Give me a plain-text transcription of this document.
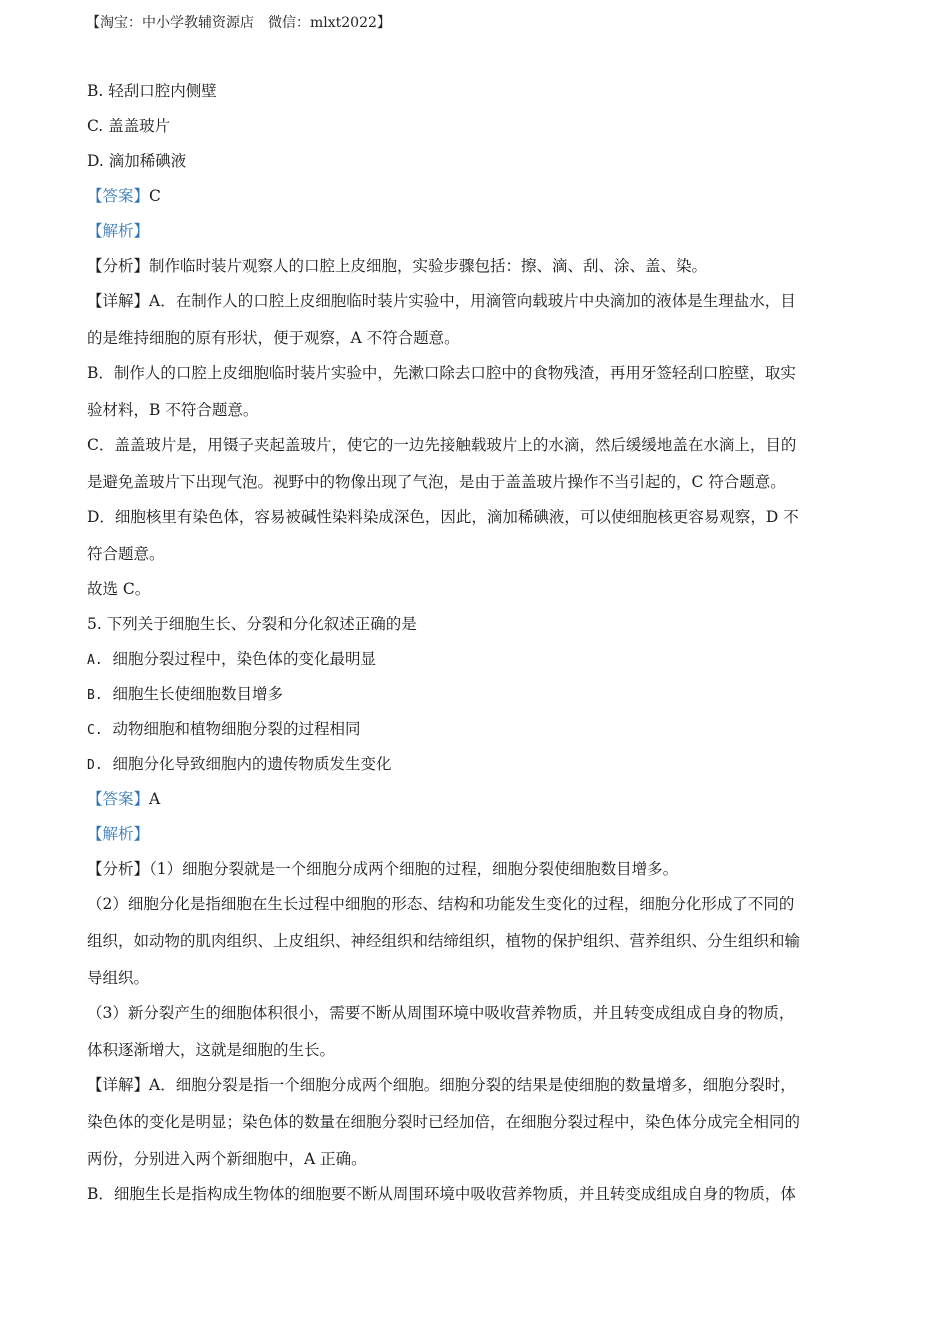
【淘宝：中小学教辅资源店 微信：mlxt2022】
B. 轻刮口腔内侧壁
C. 盖盖玻片
D. 滴加稀碘液
【答案】C
【解析】
【分析】制作临时装片观察人的口腔上皮细胞，实验步骤包括：擦、滴、刮、涂、盖、染。
【详解】A．在制作人的口腔上皮细胞临时装片实验中，用滴管向载玻片中央滴加的液体是生理盐水，目
的是维持细胞的原有形状，便于观察，A 不符合题意。
B．制作人的口腔上皮细胞临时装片实验中，先漱口除去口腔中的食物残渣，再用牙签轻刮口腔壁，取实
验材料，B 不符合题意。
C．盖盖玻片是，用镊子夹起盖玻片，使它的一边先接触载玻片上的水滴，然后缓缓地盖在水滴上，目的
是避免盖玻片下出现气泡。视野中的物像出现了气泡，是由于盖盖玻片操作不当引起的，C 符合题意。
D．细胞核里有染色体，容易被碱性染料染成深色，因此，滴加稀碘液，可以使细胞核更容易观察，D 不
符合题意。
故选 C。
5. 下列关于细胞生长、分裂和分化叙述正确的是
A. 细胞分裂过程中，染色体的变化最明显
B. 细胞生长使细胞数目增多
C. 动物细胞和植物细胞分裂的过程相同
D. 细胞分化导致细胞内的遗传物质发生变化
【答案】A
【解析】
【分析】（1）细胞分裂就是一个细胞分成两个细胞的过程，细胞分裂使细胞数目增多。
（2）细胞分化是指细胞在生长过程中细胞的形态、结构和功能发生变化的过程，细胞分化形成了不同的
组织，如动物的肌肉组织、上皮组织、神经组织和结缔组织，植物的保护组织、营养组织、分生组织和输
导组织。
（3）新分裂产生的细胞体积很小，需要不断从周围环境中吸收营养物质，并且转变成组成自身的物质，
体积逐渐增大，这就是细胞的生长。
【详解】A．细胞分裂是指一个细胞分成两个细胞。细胞分裂的结果是使细胞的数量增多，细胞分裂时，
染色体的变化是明显；染色体的数量在细胞分裂时已经加倍，在细胞分裂过程中，染色体分成完全相同的
两份，分别进入两个新细胞中，A 正确。
B．细胞生长是指构成生物体的细胞要不断从周围环境中吸收营养物质，并且转变成组成自身的物质，体
